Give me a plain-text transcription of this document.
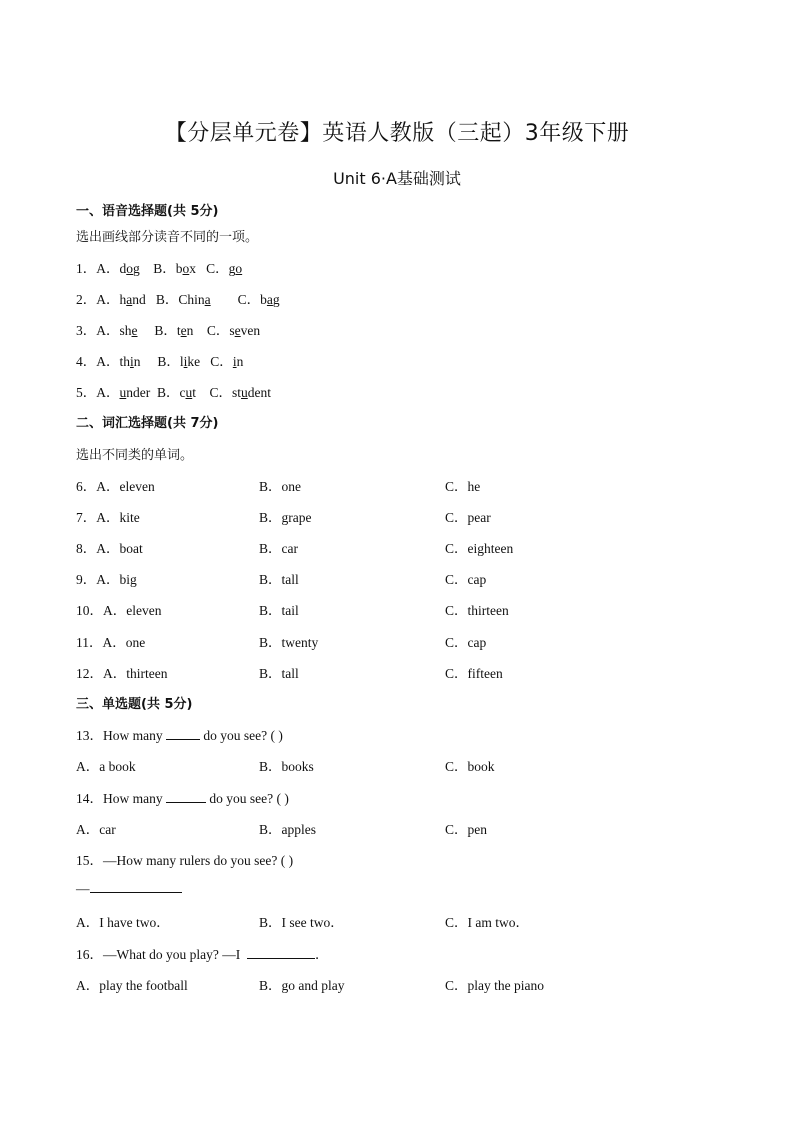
【分层单元卷】英语人教版（三起）3年级下册
Unit 6·A基础测试
一、语音选择题(共 5分)
选出画线部分读音不同的一项。
1．A．dog B．box C．go
2．A．hand B．China C．bag
3．A．she B．ten C．seven
4．A．thin B．like C．in
5．A．under B．cut C．student
二、词汇选择题(共 7分)
选出不同类的单词。
6．A．eleven	B．one	C．he
7．A．kite	B．grape	C．pear
8．A．boat	B．car	C．eighteen
9．A．big	B．tall	C．cap
10．A．eleven	B．tail	C．thirteen
11．A．one	B．twenty	C．cap
12．A．thirteen	B．tall	C．fifteen
三、单选题(共 5分)
13．How many	do you see? ( )
A．a book	B．books	C．book
14．How many	do you see? ( )
A．car	B．apples	C．pen
15．—How many rulers do you see? ( )
—
A．I have two．	B．I see two．	C．I am two．
16．—What do you play? —I	．
A．play the football	B．go and play	C．play the piano
